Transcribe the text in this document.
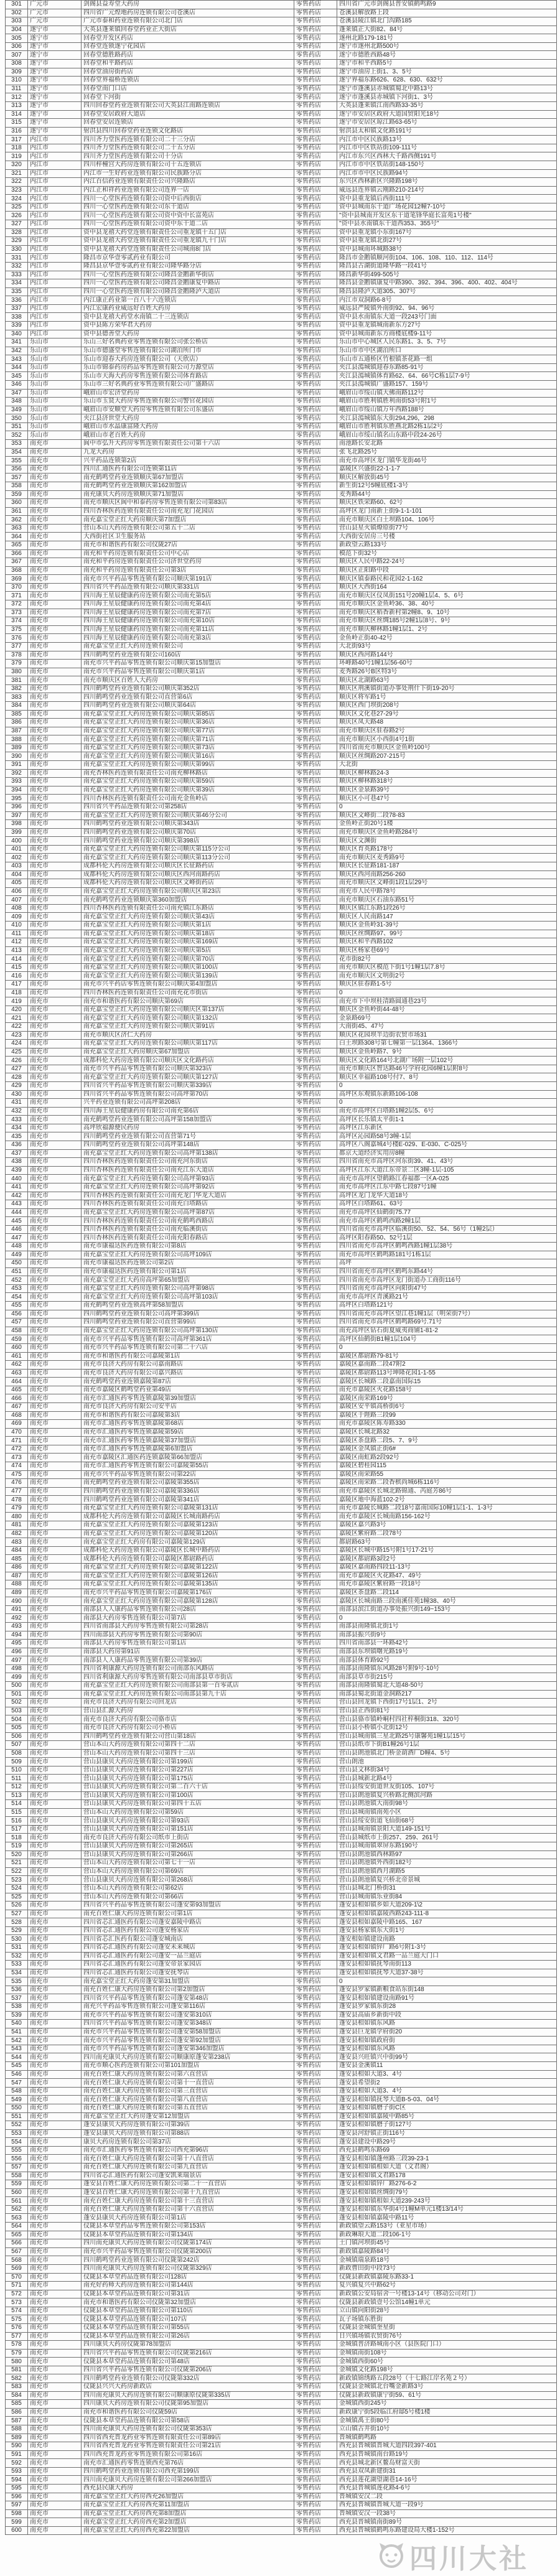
301	广元市	剑阁县益寿堂大药房	零售药店	四川省广元市剑阁县普安镇鹤鸣路9
302	广元市	四川省广元煌地药房连锁有限公司苍溪店	零售药店	苍溪县解放路上段
303	广元市	广元市泰和药业连锁有限公司北门店	零售药店	苍溪县陵江镇北门沟路185
304	遂宁市	大英县蓬莱镇回春堂药业正大街店	零售药店	蓬莱镇正大街82、84号
305	遂宁市	回春堂开发区药店	零售药店	遂州北路179-181号
306	遂宁市	回春堂连锁遂宁花园店	零售药店	遂宁市遂州北路500号
307	遂宁市	回春堂德胜路药店	零售药店	遂宁市德胜西路48号
308	遂宁市	回春堂和平路药店	零售药店	遂宁市和平西路5号
309	遂宁市	回春堂油房街药店	零售药店	遂宁市油房上街1、3、5号
310	遂宁市	回春堂界福桥连锁店	零售药店	遂宁界福东路626、628、630、632号
311	遂宁市	回春堂南门口店	零售药店	遂宁市蓬溪县赤城镇蜀北中路13号
312	遂宁市	回春堂下河街	零售药店	遂宁市蓬溪县赤城镇下河街1、3号
313	遂宁市	四川回春堂药业连锁有限公司大英县江南路连锁店	零售药店	大英县蓬莱镇江南西路33-35号
314	遂宁市	回春堂安居政府大道店	零售药店	遂宁市安居区政府大道国贸阳光18号
315	遂宁市	回春堂安居连锁店	零售药店	遂宁市安居区琼江路63-65号
316	遂宁市	射洪县四川回春堂药业连锁文化路店	零售药店	射洪县太和镇文化路191号
317	内江市	四川齐力堂医药连锁有限公司二十三分店	零售药店	内江市中区民族路13号
318	内江市	四川齐力堂医药连锁有限公司二十五分店	零售药店	内江市中区铁站街109-111号
319	内江市	四川齐力堂医药连锁有限公司十分店	零售药店	内江市东兴区西林大千路西侧191号
320	内江市	四川梓橦宫大药房连锁有限公司十五连锁店	零售药店	内江市市中区铁站街148-150号
321	内江市	内江市一生好药业连锁有限公司民族路分店	零售药店	内江市市中区民族路94号
322	内江市	内江百信药业连锁有限责任公司兴隆路店	零售药店	东兴区西林新区兴隆路198号
323	内江市	内江正和祥药业连锁有限公司连界一店	零售药店	威远县连界镇云刚路210-214号
324	内江市	四川一心堂医药连锁有限公司资中后西街店	零售药店	资中县重龙镇后西街111号
325	内江市	四川一心堂医药连锁有限公司东干道店	零售药店	资中县城南东干道广场花园12幢7-10号
326	内江市	四川一心堂医药连锁有限公司资中资中长富苑店	零售药店	"资中县城南开发区东干道笔锋华庭长富苑1号楼"
327	内江市	四川一心堂医药连锁有限公司资中东干道二店	零售药店	"资中县水南镇东干道西353、355号"
328	内江市	资中县龙禧大药堂连锁有限责任公司重龙镇十五门店	零售药店	资中县重龙镇小东街167号
329	内江市	资中县龙禧大药堂连锁有限责任公司重龙镇九十门店	零售药店	资中县重龙镇北街27号
330	内江市	资中县龙禧大药堂连锁有限责任公司城南8门店	零售药店	资中县城南环城路38号
331	内江市	隆昌市京华壹零贰药业有限公司	零售药店	隆昌市金鹅镇顺河街104、106、108、110、112、114号
332	内江市	隆昌县京华壹零贰药业有限公司隆华路分店	零售药店	隆昌县古湖街道隆华路一段41号
333	内江市	四川一心堂医药连锁有限公司隆昌金鹅新华街店	零售药店	隆昌新华街499-505号
334	内江市	四川一心堂医药连锁有限公司隆昌金鹅康复中路店	零售药店	隆昌县金鹅镇康复中路390、392、394、396、400、402、404号
335	内江市	四川一心堂医药连锁有限公司隆昌金鹅隆泸大道店	零售药店	隆昌县隆泸大道305、307号
336	内江市	内江康正药业第一百八十六连锁店	零售药店	内江市双洞路6-8号
337	内江市	内江宏康药业威远好百姓大药房	零售药店	威远县严陵镇外南街92、94、96号
338	内江市	资中县龙禧大药堂水南镇二十三连锁店	零售药店	资中县水南镇东大道一段243号门面
339	内江市	资中县陈方荣华君大药房	零售药店	资中县重龙镇城南新东方27号
340	内江市	资中县德善堂大药房	零售药店	资中县城南新东方商楼底楼9-11号
341	乐山市	乐山三好名典药业零售连锁有限公司张公桥店	零售药店	乐山市中心城区人民东路1、3、5、7号
342	乐山市	乐山市德盛堂零售连锁有限公司湖泊所门市	零售药店	乐山市市中区湖泊所口
343	乐山市	乐山市迎春大药房连锁有限公司（天欣店）	零售药店	乐山市五通桥区竹根镇茶花路一组
344	乐山市	乐山市锦泰药房药品零售连锁有限公司力源堂店	零售药店	夹江县漹城镇迎春东路85-91号
345	乐山市	乐山市天海大药房零售连锁有限公司体育路店	零售药店	夹江县漹城镇体育路62、64、66号C栋1层7-9号
346	乐山市	乐山市三好名典药业零售连锁有限公司广盛路店	零售药店	夹江县漹城镇广盛路157、159号
347	乐山市	峨眉山市宏济堂药房	零售药店	峨眉山市绥山镇大佛南路112号
348	乐山市	乐山市玉贤大药房零售连锁有限公司警官花园店	零售药店	峨眉山市胜利镇胜利南街53号附1号
349	乐山市	峨眉山市安顺堂大药房零售连锁有限公司东盛店	零售药店	峨眉山市绥山镇万年西路188号
350	乐山市	夹江县济世堂大药房	零售药店	夹江县漹城镇东大街294,296，298
351	乐山市	峨眉山市水晶康富隆大药房	零售药店	峨眉山市胜利镇东胜燕北路2栋1层2号
352	乐山市	峨眉山市老百姓大药房	零售药店	峨眉山市绥山镇名山东路中段24-26号
353	南充市	阆中市弘升大药房零售连锁有限责任公司第十六店	零售药店	南池路长安北路
354	南充市	九龙大药房	零售药店	张飞北路25号
355	南充市	兴平药品连锁第2店	零售药店	南充市高坪区龙门镇华龙街46号
356	南充市	四川汇通医药有限公司连锁第11店	零售药店	嘉陵区兴盛街22-1-1-7
357	南充市	南充鹤鸣堂药业连锁顺庆第67加盟店	零售药店	顺庆区解放街45号
358	南充市	南充鹤鸣堂药业连锁顺庆第162加盟店	零售药店	新生街12号5幢底楼1-3号
359	南充市	南充康贝大药房连锁顺庆第71加盟店	零售药店	麦秀路44号
360	南充市	南充市顺庆区阆中和泰药房零售连锁有限公司第83店	零售药店	顺庆区铁荣路60、62号
361	南充市	四川杏林医药连锁有限责任公司南充龙门花园店	零售药店	高坪区龙门南新上街9-1-1-101
362	南充市	南充嘉宝堂正红大药房顺庆第7加盟店	零售药店	南充市顺庆区白土坝路104、106号
363	南充市	营山本山大药房连锁有限公司第五十二店	零售药店	营山县星火镇燎原街77号
364	南充市	大西街社区卫生服务站	零售药店	大西街安居房三号楼
365	南充市	南充市和谐医药有限公司仪陇27店	零售药店	新政望云路133号
366	南充市	南充和平药房连锁有限责任公司中心店	零售药店	模范下街32号
367	南充市	南充和平药房连锁有限责任公司济世堂药房	零售药店	顺庆区人民中路22-24号
368	南充市	南充和平药房连锁有限责任公司第3店	零售药店	顺庆区正阳路中段
369	南充市	南充市兴平药品零售连锁有限公司顺庆第191店	零售药店	顺庆区镇泰路民和花园2-1-162
370	南充市	四川省兴平药品连锁有限公司顺庆第331店	零售药店	顺庆区大西街164
371	南充市	四川海王星辰健康药房连锁有限公司南充第5店	零售药店	南充市顺庆区仪凤街151号20幢1层4、5、6号
372	南充市	四川海王星辰健康药房连锁有限公司南充第4店	零售药店	南充市顺庆区金鱼岭36、38、40号
373	南充市	四川海王星辰健康药房连锁有限公司南充第7店	零售药店	南充市顺庆区稻香新村第2幢8、9、10号
374	南充市	四川海王星辰健康药房连锁有限公司南充第10店	零售药店	南充市顺庆区丝绸185号2幢1层8号、9号
375	南充市	四川海王星辰健康药房连锁有限公司南充第11店	零售药店	南充市顺庆柳林路1幢1层1、2号
376	南充市	四川海王星辰健康药房连锁有限公司南充第3店	零售药店	金鱼岭正街40-42号
377	南充市	南充嘉宝堂正红大药房连锁有限公司	零售药店	大北街93号
378	南充市	四川鹤鸣堂药业连锁有限公司160店	零售药店	顺庆区西河路144号
379	南充市	南充市兴平药品零售连锁有限公司顺庆第15加盟店	零售药店	环峰路40号1幢1层56-60号
380	南充市	南充市兴平药品零售连锁有限公司顺庆第1店	零售药店	麦秀路26号B区特3号
381	南充市	南充市顺庆区百姓人大药房	零售药店	顺庆区北湖路63号
382	南充市	四川鹤鸣堂药业连锁有限公司顺庆第352店	零售药店	顺庆区荆溪镇街道办事处荆什下街19-20号
383	南充市	四川鹤鸣堂药业连锁有限公司直营第6店	零售药店	顺庆区将军路1号
384	南充市	四川鹤鸣堂药业连锁有限公司顺庆第64店	零售药店	顺庆区西门坝街208号
385	南充市	南充嘉宝堂正红大药房连锁有限公司顺庆第85店	零售药店	顺庆区文化巷27-29号
386	南充市	南充嘉宝堂正红大药房连锁有限公司顺庆第36店	零售药店	顺庆区凤天路48
387	南充市	南充嘉宝堂正红大药房连锁有限公司顺庆第77店	零售药店	南充市顺庆区驻春路2号
388	南充市	南充嘉宝堂正红大药房连锁有限公司顺庆第71店	零售药店	南充市顺庆区小西街4号1街
389	南充市	南充嘉宝堂正红大药房连锁有限公司顺庆第73店	零售药店	四川省南充市顺庆区金鱼岭100号
390	南充市	南充嘉宝堂正红大药房连锁有限公司顺庆第16店	零售药店	顺庆区丝绸路207-215号
391	南充市	南充嘉宝堂正红大药房连锁有限公司顺庆第99店	零售药店	大北街
392	南充市	南充杏林医药连锁有限责任公司南充柳林路店	零售药店	顺庆区柳林路24-3
393	南充市	南充嘉宝堂正红大药房连锁有限公司顺庆第59店	零售药店	顺庆区柳林路318号
394	南充市	南充嘉宝堂正红大药房连锁有限公司顺庆第39店	零售药店	顺庆区金泉路39号
395	南充市	四川杏林医药连锁有限责任公司南充金鱼岭店	零售药店	顺庆区小可巷47号
396	南充市	四川省兴平药品连锁有限公司第258店	零售药店	0
397	南充市	南充嘉宝堂正红大药房连锁有限公司顺庆第46分公司	零售药店	顺庆区文峰街二段78-83
398	南充市	四川鹤鸣堂药业连锁有限公司顺庆第343店	零售药店	金鱼岭正街20号1楼
399	南充市	四川鹤鸣堂药业连锁有限公司顺庆第70店	零售药店	南充市顺庆区金鱼岭路284号
400	南充市	四川鹤鸣堂药业连锁有限公司顺庆第398店	零售药店	顺庆区文渊街
401	南充市	南充嘉宝堂正红大药房连锁有限公司顺庆第115分公司	零售药店	顺庆区育英路178号
402	南充市	南充嘉宝堂正红大药房连锁有限公司顺庆第113分公司	零售药店	南充市顺庆区麦秀路9号
403	南充市	成都科伦大药房连锁有限公司顺庆区长征路药店	零售药店	顺庆区长征路181-187
404	南充市	成都科伦大药房连锁有限公司顺庆区西河南路药店	零售药店	顺庆区西河南路256-260
405	南充市	成都科伦大药房连锁有限公司顺庆区文峰街药店	零售药店	南充市顺庆区文峰街1段1层29号
406	南充市	南充嘉宝堂正红大药房连锁有限公司顺庆区第23店	零售药店	南充市人民中路78号
407	南充市	南充鹤鸣堂药业连锁顺庆第360加盟店	零售药店	南充市顺庆区石油东路51号
408	南充市	四川杏林医药连锁有限责任公司南充镇江东路店	零售药店	顺庆区镇江东路1段26号
409	南充市	南充嘉宝堂正红大药房连锁有限公司顺庆第43店	零售药店	顺庆区人民南路147
410	南充市	南充嘉宝堂正红大药房连锁有限公司顺庆第1店	零售药店	顺庆区金鱼岭31-39号
411	南充市	南充嘉宝堂正红大药房连锁有限公司顺庆第18店	零售药店	顺庆区丝绸路97、99号
412	南充市	南充嘉宝堂正红大药房连锁有限公司顺庆第169店	零售药店	顺庆区和平西路102
413	南充市	南充嘉宝堂正红大药房连锁有限公司顺庆第5店	零售药店	顺庆区杨家巷69号
414	南充市	南充嘉宝堂正红大药房连锁有限公司顺庆第70店	零售药店	花市街82号
415	南充市	南充嘉宝堂正红大药房连锁有限公司顺庆第100店	零售药店	南充市顺庆区模范下街1号1幢1层7.8号
416	南充市	南充嘉宝堂正红大药房连锁有限公司顺庆第139店	零售药店	南充市顺庆区文明街2号
417	南充市	南充市兴平药店零售连锁有限公司顺庆第4加盟店	零售药店	顺庆区驻春路1-5号
418	南充市	四川杏林医药连锁有限责任公司南充花市街店	零售药店	0
419	南充市	南充市和谐医药有限公司顺庆第69店	零售药店	南充市下中坝桂清路圆通巷23号
420	南充市	南充嘉宝堂正红大药房连锁有限公司顺庆区第137店	零售药店	顺庆区金鱼岭街44-48号
421	南充市	南充嘉宝堂正红大药房连锁有限公司顺庆第132店	零售药店	金泉路69号
422	南充市	南充嘉宝堂正红大药房连锁有限公司顺庆第91店	零售药店	大南街45、47号
423	南充市	南充市顺庆区济仁大药房	零售药店	顺庆区花园坝半边街农贸市场31
424	南充市	南充嘉宝堂正红大药房连锁有限公司顺庆第117店	零售药店	白土坝路308号第七幢第一层1364、1366号
425	南充市	南充嘉宝堂正红大药房顺庆第67加盟店	零售药店	顺庆区金鱼岭路7、9号
426	南充市	成都科伦大药房连锁有限公司顺庆区文化路药店	零售药店	顺庆区文化路164号北湖广场附一层102号
427	南充市	南充市兴平药品零售连锁有限公司顺庆第323店	零售药店	南充市顺庆区智达路46号学府花园6幢1层附8号
428	南充市	南充嘉宝堂正红大药房连锁有限公司顺庆第127店	零售药店	顺庆区幸福路108号付7、8号
429	南充市	四川省兴平药品零售连锁有限公司顺庆第339店	零售药店	0
430	南充市	四川省兴平药品零售连锁有限公司高坪第70店	零售药店	高坪区东观镇东新路106-108
431	南充市	兴平药业连锁有限公司高坪第208店	零售药店	0
432	南充市	四川海王星辰健康药房有限公司南充第6店	零售药店	南充市高坪区白塔路1幢2层5、6号
433	南充市	南充鹤鸣堂药业连锁有限公司高坪第158加盟店	零售药店	高坪区长乐镇太平街1-1
434	南充市	高坪欣福源便民药房	零售药店	高坪区江东新区
435	南充市	四川鹤鸣堂药业连锁有限公司直营第71号	零售药店	高坪区沁园路58号3幢-1层
436	南充市	四川鹤鸣堂药业连锁有限公司高坪第148店	零售药店	高坪区八阁嘉城4号楼E-029、E-030、C-025号
437	南充市	南充嘉宝堂正红大药房连锁有限公司高坪第138店	零售药店	都京大道经济实用房8幢
438	南充市	四川杏林医药连锁有限责任公司南充河东街店	零售药店	四川省南充市高坪区河东街39、41、43号
439	南充市	四川杏林医药连锁有限责任公司南充江东大道店	零售药店	高坪区江东大道江东帝景二区3幢-1层-105
440	南充市	南充嘉宝堂正红大药房连锁有限公司高坪第93店	零售药店	南充市高坪区望鹤路江春福郡一区A-025
441	南充市	南充嘉宝堂正红大药房连锁有限公司高坪第92店	零售药店	南充市高坪区江东中路七段87号1幢
442	南充市	四川杏林医药连锁有限责任公司南充龙门华龙大道店	零售药店	高坪区龙门龙华大道18号
443	南充市	四川杏林医药连锁有限责任公司南充白塔路店	零售药店	高坪区白塔路61、63号
444	南充市	南充嘉宝堂正红大药房连锁有限公司高坪第87店	零售药店	南充市高坪区仙鹤街75.77
445	南充市	四川杏林医药连锁有限责任公司南充鹤鸣西路店	零售药店	南充市高坪区鹤鸣西路2幢1层
446	南充市	四川杏林医药连锁有限责任公司南充临溪街店	零售药店	四川省南充市高坪区临溪街50、52、54、56号（1幢2层）
447	南充市	四川杏林医药连锁有限责任公司南充阳春路店	零售药店	高坪区阳春路50、52号1层
448	南充市	南充市康福达医药连锁有限公司第8店	零售药店	四川省南充市高坪区鹤鸣西路1幢1层38号
449	南充市	南充嘉宝堂正红大药房连锁有限公司高坪109店	零售药店	南充市高坪区鹤鸣路181号1栋1层
450	南充市	南充市康福达医药连锁公司第2店	零售药店	高坪
451	南充市	南充市康福达医药连锁有限公司第1店	零售药店	四川省南充市高坪区鹤鸣东路44号
452	南充市	南充嘉宝堂正红大药房高坪第65加盟店	零售药店	四川省南充市高坪区龙门街道办工商街116号
453	南充市	南充嘉宝堂正红大药房连锁有限公司高坪第98店	零售药店	四川省南充市高坪区向阳街47号
454	南充市	南充嘉宝堂正红大药房连锁有限公司高坪第103店	零售药店	南充市高坪区青溪路21号
455	南充市	南充鹤鸣堂药业连锁高坪第58加盟店	零售药店	高坪区白塔路121号
456	南充市	四川鹤鸣堂药业连锁有限公司高坪第399店	零售药店	四川省南充市高坪区望江巷1幢1层（明荣街7号）
457	南充市	四川鹤鸣堂药业连锁有限公司直营第99店	零售药店	四川省南充市高坪区鹤鸣路69号.71号
458	南充市	南充嘉宝堂正红大药房连锁有限公司高坪第130店	零售药店	南充高坪区钻石街夏威夷商铺1-81-2
459	南充市	南充市兴平药品零售连锁有限公司高坪第361店	零售药店	高坪区仙鹤街B1幢1层104号
460	南充市	南充市兴平药品零售连锁有限公司第二十六店	零售药店	0
461	南充市	南充市和谐医药有限公司嘉陵第1店	零售药店	嘉陵区都尉路79-81号
462	南充市	南充市良济大药房有限公司嘉南路店	零售药店	嘉陵区嘉南路二段47附2
463	南充市	南充市良济大药房有限公司嘉兴路店	零售药店	嘉陵区都尉路113号坤隆花园1-1-55
464	南充市	南充鹤鸣堂药业连锁嘉陵第87店	零售药店	嘉陵区长城路二段嘉南国际15
465	南充市	南充市嘉陵区鹤鸣堂药业第49店	零售药店	南充市嘉陵区火花路158号
466	南充市	南充市汇通医药零售连锁嘉陵第39加盟店	零售药店	嘉陵区南荣路169号
467	南充市	南充市良济大药房有限公司安平店	零售药店	嘉陵区安平镇高桥街6号
468	南充市	南充市和谐医药有限公司嘉陵第3店	零售药店	嘉陵区于陛路三段99
469	南充市	南充市汇通医药零售连锁嘉陵第68店	零售药店	南充市嘉陵区陈寿路330
470	南充市	南充市汇通医药零售连锁嘉陵第59店	零售药店	嘉陵区长城北路32
471	南充市	南充市汇通医药零售连锁嘉陵第37加盟店	零售药店	嘉陵区茶盘路二段5、7、9号
472	南充市	南充市汇通医药零售连锁嘉陵第6加盟店	零售药店	嘉陵区金凤镇正街6#
473	南充市	南充市嘉陵区汇通医药连锁嘉陵第66加盟店	零售药店	嘉陵区南虹路2段92号
474	南充市	南充市汇通医药零售连锁有限公司嘉陵第55店	零售药店	嘉陵区碧桂园115
475	南充市	南充市兴平药品零售连锁有限公司第22店	零售药店	嘉陵区南荣路55
476	南充市	南充鹤鸣堂药业连锁有限公司嘉陵第355店	零售药店	嘉陵区南荣路二段香槟尚城6栋116号
477	南充市	四川鹤鸣堂药业连锁有限公司嘉陵第336店	零售药店	南充市嘉陵区长城北路锦通、芮庭芳86号
478	南充市	四川鹤鸣堂药业连锁有限公司嘉陵第341店	零售药店	嘉陵区地中海蓝102-2号
479	南充市	南充嘉宝堂正红大药房连锁有限公司嘉陵第131店	零售药店	南充市嘉陵长城路二段18号嘉南国际10幢1层1-1、1-3号
480	南充市	成都科伦大药房连锁有限公司嘉陵区长城南路药店	零售药店	南充市嘉陵区长城南路156-162号
481	南充市	南充嘉宝堂正红大药房连锁有限公司嘉陵第123店	零售药店	嘉陵区嘉兴路3号
482	南充市	南充嘉宝堂正红大药房连锁有限公司嘉陵第120店	零售药店	嘉陵区紫府路二段78号
483	南充市	南充嘉宝堂正红大药房有限公司嘉陵第129店	零售药店	都尉路63号
484	南充市	成都科伦大药房连锁有限公司嘉陵区长城中路药店	零售药店	嘉陵区长城中路15号附1号17-21号
485	南充市	成都科伦大药房连锁有限公司嘉陵区都尉路药店	零售药店	嘉陵区都尉路3段2号
486	南充市	南充嘉宝堂正红大药房连锁有限公司嘉陵第122店	零售药店	嘉陵区嘉南路四段11-13号
487	南充市	南充嘉宝堂正红大药房连锁有限公司嘉陵第126店	零售药店	南充市嘉陵区火花路47、49号
488	南充市	南充嘉宝堂正红大药房连锁有限公司嘉陵第135店	零售药店	南充市嘉陵区紫府路一段18号
489	南充市	南充市兴平药品零售连锁有限公司嘉陵第176店	零售药店	嘉陵区茶盘路二段114
490	南充市	南充嘉宝堂正红大药房连锁有限公司嘉陵第128店	零售药店	嘉陵区长城南路三段南溪佳苑1幢38、40号
491	南充市	南部县人人康药品零售连锁有限公司28店	零售药店	南部县滨江街道办事处振兴街149~153号
492	南充市	南部县大药房零售连锁有限公司第7店	零售药店	0
493	南充市	四川省南部县大药房零售连锁有限公司第28店	零售药店	南部县南隆镇北街1号
494	南充市	四川南部县大药房零售连锁有限公司第90店	零售药店	南部县振兴街9号
495	南充市	南部县大药房零售连锁有限公司第1店	零售药店	四川省南部县一环路42号
496	南充市	南部县大药房第91店	零售药店	南部县东坝镇曙光路19号
497	南充市	南部县人人康药品零售连锁有限公司第39店	零售药店	南部县体育路92号
498	南充市	四川省利康源大药房连锁有限公司南部东风路店	零售药店	南部县南隆镇东风路28号附9号-10号
499	南充市	四川省利康源大药房零售连锁有限公司南部县草市街店	零售药店	南部县草市街215号
500	南充市	南充嘉宝堂正红大药房连锁有限公司南部县第一百零贰店	零售药店	南部县南隆镇蜀北大道48-50号
501	南充市	南充嘉宝堂正红大药房连锁有限公司南部县第九十店	零售药店	南部县蜀北街道金洞路217
502	南充市	南充市良济大药房有限公司回龙店	零售药店	营山县回龙镇下西街17号1层1、2号
503	南充市	营山县汇源大药房	零售药店	营山县正西街81号
504	南充市	南充市良济大药房有限公司骆市店	零售药店	营山县骆市镇岭峒村四社梓桐街318、320号
505	南充市	南充市良济大药房有限公司小桥店	零售药店	营山县小桥镇小北街12号
506	南充市	四川鹤鸣堂药业连锁有限公司营山第18店	零售药店	营山县城南镇三星北路25号康馨苑1幢1层15号
507	南充市	营山本山大药房连锁有限公司第四十二店	零售药店	营山县纸市下街B1幢26号1层
508	南充市	营山本山大药房连锁有限公司第四十三店	零售药店	营山县朗池镇北门桥金葫酒厂D幢4、5号
509	南充市	营山县康贝大药房连锁有限公司第199店	零售药店	营山朗池
510	南充市	营山县康贝大药房连锁有限公司第227店	零售药店	营山县文林街34号
511	南充市	营山县康贝大药房连锁有限公司第175店	零售药店	营山县城新北路4号
512	南充市	营山县康贝大药房连锁有限公司第二百六十店	零售药店	营山县绥安街道世友街105、107号
513	南充市	营山县康贝大药房连锁有限公司第100店	零售药店	营山县朗池镇复兴桥路北侧滨河路
514	南充市	营山县康贝大药房连锁有限公司第四十五店	零售药店	营山县朗池镇大南街98号
515	南充市	营山本山大药房连锁有限公司第59店	零售药店	营山县城南镇南苑小区
516	南充市	营山县康贝大药房连锁有限公司第93店	零售药店	营山县绥安街道飞仙街68号
517	南充市	营山县康贝大药房连锁有限公司第151店	零售药店	营山县城南镇景阳大道149-151号
518	南充市	南充市良济大药房有限公司纸市上街店	零售药店	营山县城纸市上街257、259、261号
519	南充市	营山县康贝大药房连锁有限公司第265店	零售药店	营山县城南镇翠屏东路190号
520	南充市	营山县康贝大药房连锁有限公司第266店	零售药店	营山县朗池镇西林路97
521	南充市	营山本山大药房连锁有限公司第七十一店	零售药店	营山县朗池镇外西街182号
522	南充市	营山本山大药房连锁有限公司第69店	零售药店	营山县朗池镇西月湖路5
523	南充市	营山县康贝大药房连锁有限公司第268店	零售药店	营山县朗池镇复兴桥北帝景城
524	南充市	营山本山大药房连锁有限公司第62店	零售药店	营山县城北门桥街31
525	南充市	营山本山大药房连锁有限公司第66店	零售药店	营山县城南镇乐业街84
526	南充市	四川省兴平药品零售连锁有限公司蓬安第93加盟店	零售药店	蓬安县相如镇乡如大道209-1\2
527	南充市	南充百姓仁康大药房连锁有限公司第1店	零售药店	蓬安县相如镇嘉陵西路243-111-8
528	南充市	四川省芯汇通医药有限公司蓬安嘉陵中路店	零售药店	蓬安县相如嘉陵中路165、167
529	南充市	四川省芯汇通医药有限公司蓬安杨家店	零售药店	蓬安县杨家镇东大街1号
530	南充市	四川省芯汇医药有限公司蓬安城南店	零售药店	蓬安相如镇建设南路
531	南充市	四川省芯汇通医药有限公司蓬安未来城店	零售药店	蓬安县相如镇锌厂路6号附1-3号
532	南充市	四川省芯汇通医药有限公司蓬安一品兰庭店	零售药店	蓬安县相如镇文君路一品兰庭大门口
533	南充市	四川省芯汇通医药有限公司蓬安帝景家园店	零售药店	蓬安县相如镇抚琴南街113
534	南充市	四川省芯汇通医药有限公司蓬安抚琴店	零售药店	蓬安县相如镇抚琴大道37-38号
535	南充市	南充嘉宝堂正红大药房蓬安第31加盟店	零售药店	0
536	南充市	南充百姓仁康大药房连锁有限公司第2加盟店	零售药店	蓬安县罗家镇新粮食站东街148
537	南充市	四川省兴平药品零售连锁有限公司蓬安第48店	零售药店	蓬安县相如镇建设南路91号
538	南充市	南充兴平药品零售连锁有限公司蓬安第116店	零售药店	蓬安县罗家镇东街28
539	南充市	南充市兴平药品零售连锁有限公司蓬安第310店	零售药店	蓬安县高庙乡新街中段
540	南充市	四川省兴平药品零售连锁有限公司蓬安第348店	零售药店	蓬安县相如镇东风路
541	南充市	南充市兴平药品零售连锁有限公司蓬安第58加盟店	零售药店	蓬安县巨龙镇学府街20
542	南充市	南充市兴平药品零售连锁有限公司蓬安第92加盟店	零售药店	蓬安县相如镇政府街
543	南充市	南充市兴平药品零售连锁有限公司蓬安第346加盟店	零售药店	蓬安县相如镇东风路
544	南充市	四川南充康贝大药房连锁有限公司顺康原蓬安第238店	零售药店	蓬安县兴旺镇兴中街99号
545	南充市	南充市顺心医药连锁有限公司第101加盟店	零售药店	蓬安县金溪镇11
546	南充市	南充百姓仁康大药房连锁有限公司第六直营店	零售药店	蓬安县相如大道3、4号
547	南充市	南充百姓仁康大药房连锁有限公司第十一直营店	零售药店	蓬安县希望街2
548	南充市	南充百姓仁康大药房连锁有限公司第三直营店	零售药店	蓬安县相如大道3、4号
549	南充市	南充百姓仁康大药房连锁有限公司第八直营店	零售药店	蓬安县相如镇抚琴大道B-5-03、04号
550	南充市	南充百姓仁康大药房连锁有限公司第五直营店	零售药店	蓬安县相如镇磨子街C区
551	南充市	南充嘉宝堂正红大药房蓬安第12加盟店	零售药店	蓬安县相如镇嘉陵中路85号
552	南充市	蓬安县康贝大药房连锁有限公司第39店	零售药店	蓬安县相如镇磨子街127号
553	南充市	蓬安县康贝大药房连锁有限公司第88店	零售药店	蓬安县河舒镇正街116号
554	南充市	康贝大药房连锁有限公司第37店	零售药店	蓬安县建设中路29号
555	南充市	南充市汇通医药零售连锁有限公司西充第96店	零售药店	西充县鹤鸣东路69
556	南充市	南充百姓仁康大药房连锁有限公司第十八直营店	零售药店	蓬安县相如镇蓬州路三段39-23-1
557	南充市	南充百姓仁康大药房连锁有限公司第九直营店	零售药店	蓬安县相如镇相如大道（文君阁）
558	南充市	四川省芯汇通医药有限公司蓬安凯莱瑞景店	零售药店	蓬安县相如镇文君路178
559	南充市	蓬安县百姓仁康大药房连锁有限公司第二十一直营店	零售药店	蓬安县相如镇锌厂路276-6-2
560	南充市	蓬安县百姓仁康大药房连锁有限公司第十九直营店	零售药店	蓬安县相如镇丝绸街79号
561	南充市	南充百姓仁康大药房连锁有限公司第十三直营店	零售药店	蓬安县相如镇相如大道239-243号
562	南充市	南充百姓仁康大药房连锁有限公司第十六直营店	零售药店	蓬安县相如镇东华街4号1幢M单元1楼13/14号
563	南充市	蓬安县康贝大药房连锁有限公司第1店	零售药店	蓬安县相如镇嘉陵中路11号
564	南充市	仪陇县本草堂药品零售连锁有限公司第153店	零售药店	新政镇望云路153号（亚星市场）
565	南充市	仪陇县本草堂药品连锁有限公司第134店	零售药店	新政琳琅大道二段106-1号
566	南充市	四川南充康贝大药房连锁有限公司仪陇第174店	零售药店	土门镇河坝街45号
567	南充市	南充市兴平药品零售连锁有限公司仪陇第200店	零售药店	新政镇嘉陵路84号
568	南充市	四川鹤鸣堂药业连锁有限公司仪陇第242店	零售药店	金城镇瑞泉路18号
569	南充市	四川南充康贝大药房连锁有限公司仪陇第329店	零售药店	新政曹田街中段73号
570	南充市	仪陇县本草堂药品连锁有限公司128店	零售药店	仪陇县新政镇嘉陵东路33-1
571	南充市	南充好药师大药房连锁有限公司第144店	零售药店	复兴镇复兴中路62号
572	南充市	仪陇县本草堂药品连锁有限公司第31店	零售药店	新政镇公安局宿舍一号楼13-14号（移动公司对门）
573	南充市	南充市和谐医药有限公司仪陇第32加盟店	零售药店	仪陇县新政镇壹号公馆14幢1单元
574	南充市	仪陇县本草堂药品连锁有限公司第110店	零售药店	立山镇向阳街28号
575	南充市	仪陇县本草堂药品连锁有限公司107店	零售药店	瓦子场镇东胜街
576	南充市	仪陇县本草堂药品连锁有限公司第55店	零售药店	仪陇县金城镇奎星街
577	南充市	仪陇县本草堂药品连锁有限公司第26店	零售药店	日兴镇场镇农贸街76号
578	南充市	四川康贝大药房仪陇第78加盟店	零售药店	金城镇普济路城南小区（县医院门口）
579	南充市	四川省兴平药品零售连锁有限公司仪陇第216店	零售药店	金城镇南街108号
580	南充市	仪陇县本草堂药品连锁有限公司第48店	零售药店	金城镇西街60号
581	南充市	四川省兴平药品零售连锁有限公司仪陇第206店	零售药店	金城镇文化路198号
582	南充市	四川鹤鸣堂药业连锁有限公司仪陇第332店	零售药店	新政镇锦绣路五段28号（十七路江岸名苑２号）
583	南充市	仪陇县兴兴大药房新政店	零售药店	仪陇县金城镇北台嘴金新路3号
584	南充市	四川南充康贝大药房连锁有限公司顺康原仪陇第335店	零售药店	仪陇县新政镇康宁街59、61号
585	南充市	四川康贝大药房连锁有限公司仪陇第95加盟店	零售药店	金城镇西街245号
586	南充市	南充市和谐医药有限公司仪陇59店	零售药店	新政康宁街5段临江府邸5号楼1楼
587	南充市	仪陇县本草堂药品连锁有限公司第58店	零售药店	金城镇禹王街80号
588	南充市	四川南充康贝大药房连锁有限公司仪陇第353店	零售药店	立山镇古井街10号
589	南充市	四川省西充晋龙药业零售连锁有限责任公司第89店	零售药店	晋城镇鹤鸣路
590	南充市	四川省西充晋龙药业零售连锁有限责任公司第21店	零售药店	西充县晋城镇晋城大道四段397-401
591	南充市	四川西充晋龙药业零售连锁有限公司第16店	零售药店	西充县晋城镇南台路19号
592	南充市	南充市汇通医药零售连锁西充第76店	零售药店	西充县城北新区鳌岛财富天街
593	南充市	四川鹤鸣堂药业连锁有限公司西充第199店	零售药店	西充县双凤新建街31
594	南充市	四川南充康贝大药房连锁有限公司第266加盟店	零售药店	西充县莲花湖望湖巷14-16号
595	南充市	西充县民康大药房	零售药店	西充县晋城镇莲花路4-6号
596	南充市	南充嘉宝堂正红大药房西充26加盟店	零售药店	晋城镇安汉二段
597	南充市	南充嘉宝堂正红大药房西充第11加盟店	零售药店	西充县晋城镇晋城大道一段9号
598	南充市	南充嘉宝堂正红大药房西充第8加盟店	零售药店	晋城镇安汉一段38号
599	南充市	南充嘉宝堂正红大药房西充第2加盟店	零售药店	西充县晋城镇南街89号
600	南充市	南充嘉宝堂正红大药房西充第22加盟店	零售药店	西充县晋城镇鹤鸣东路建设局大楼1-152号
四川大社
